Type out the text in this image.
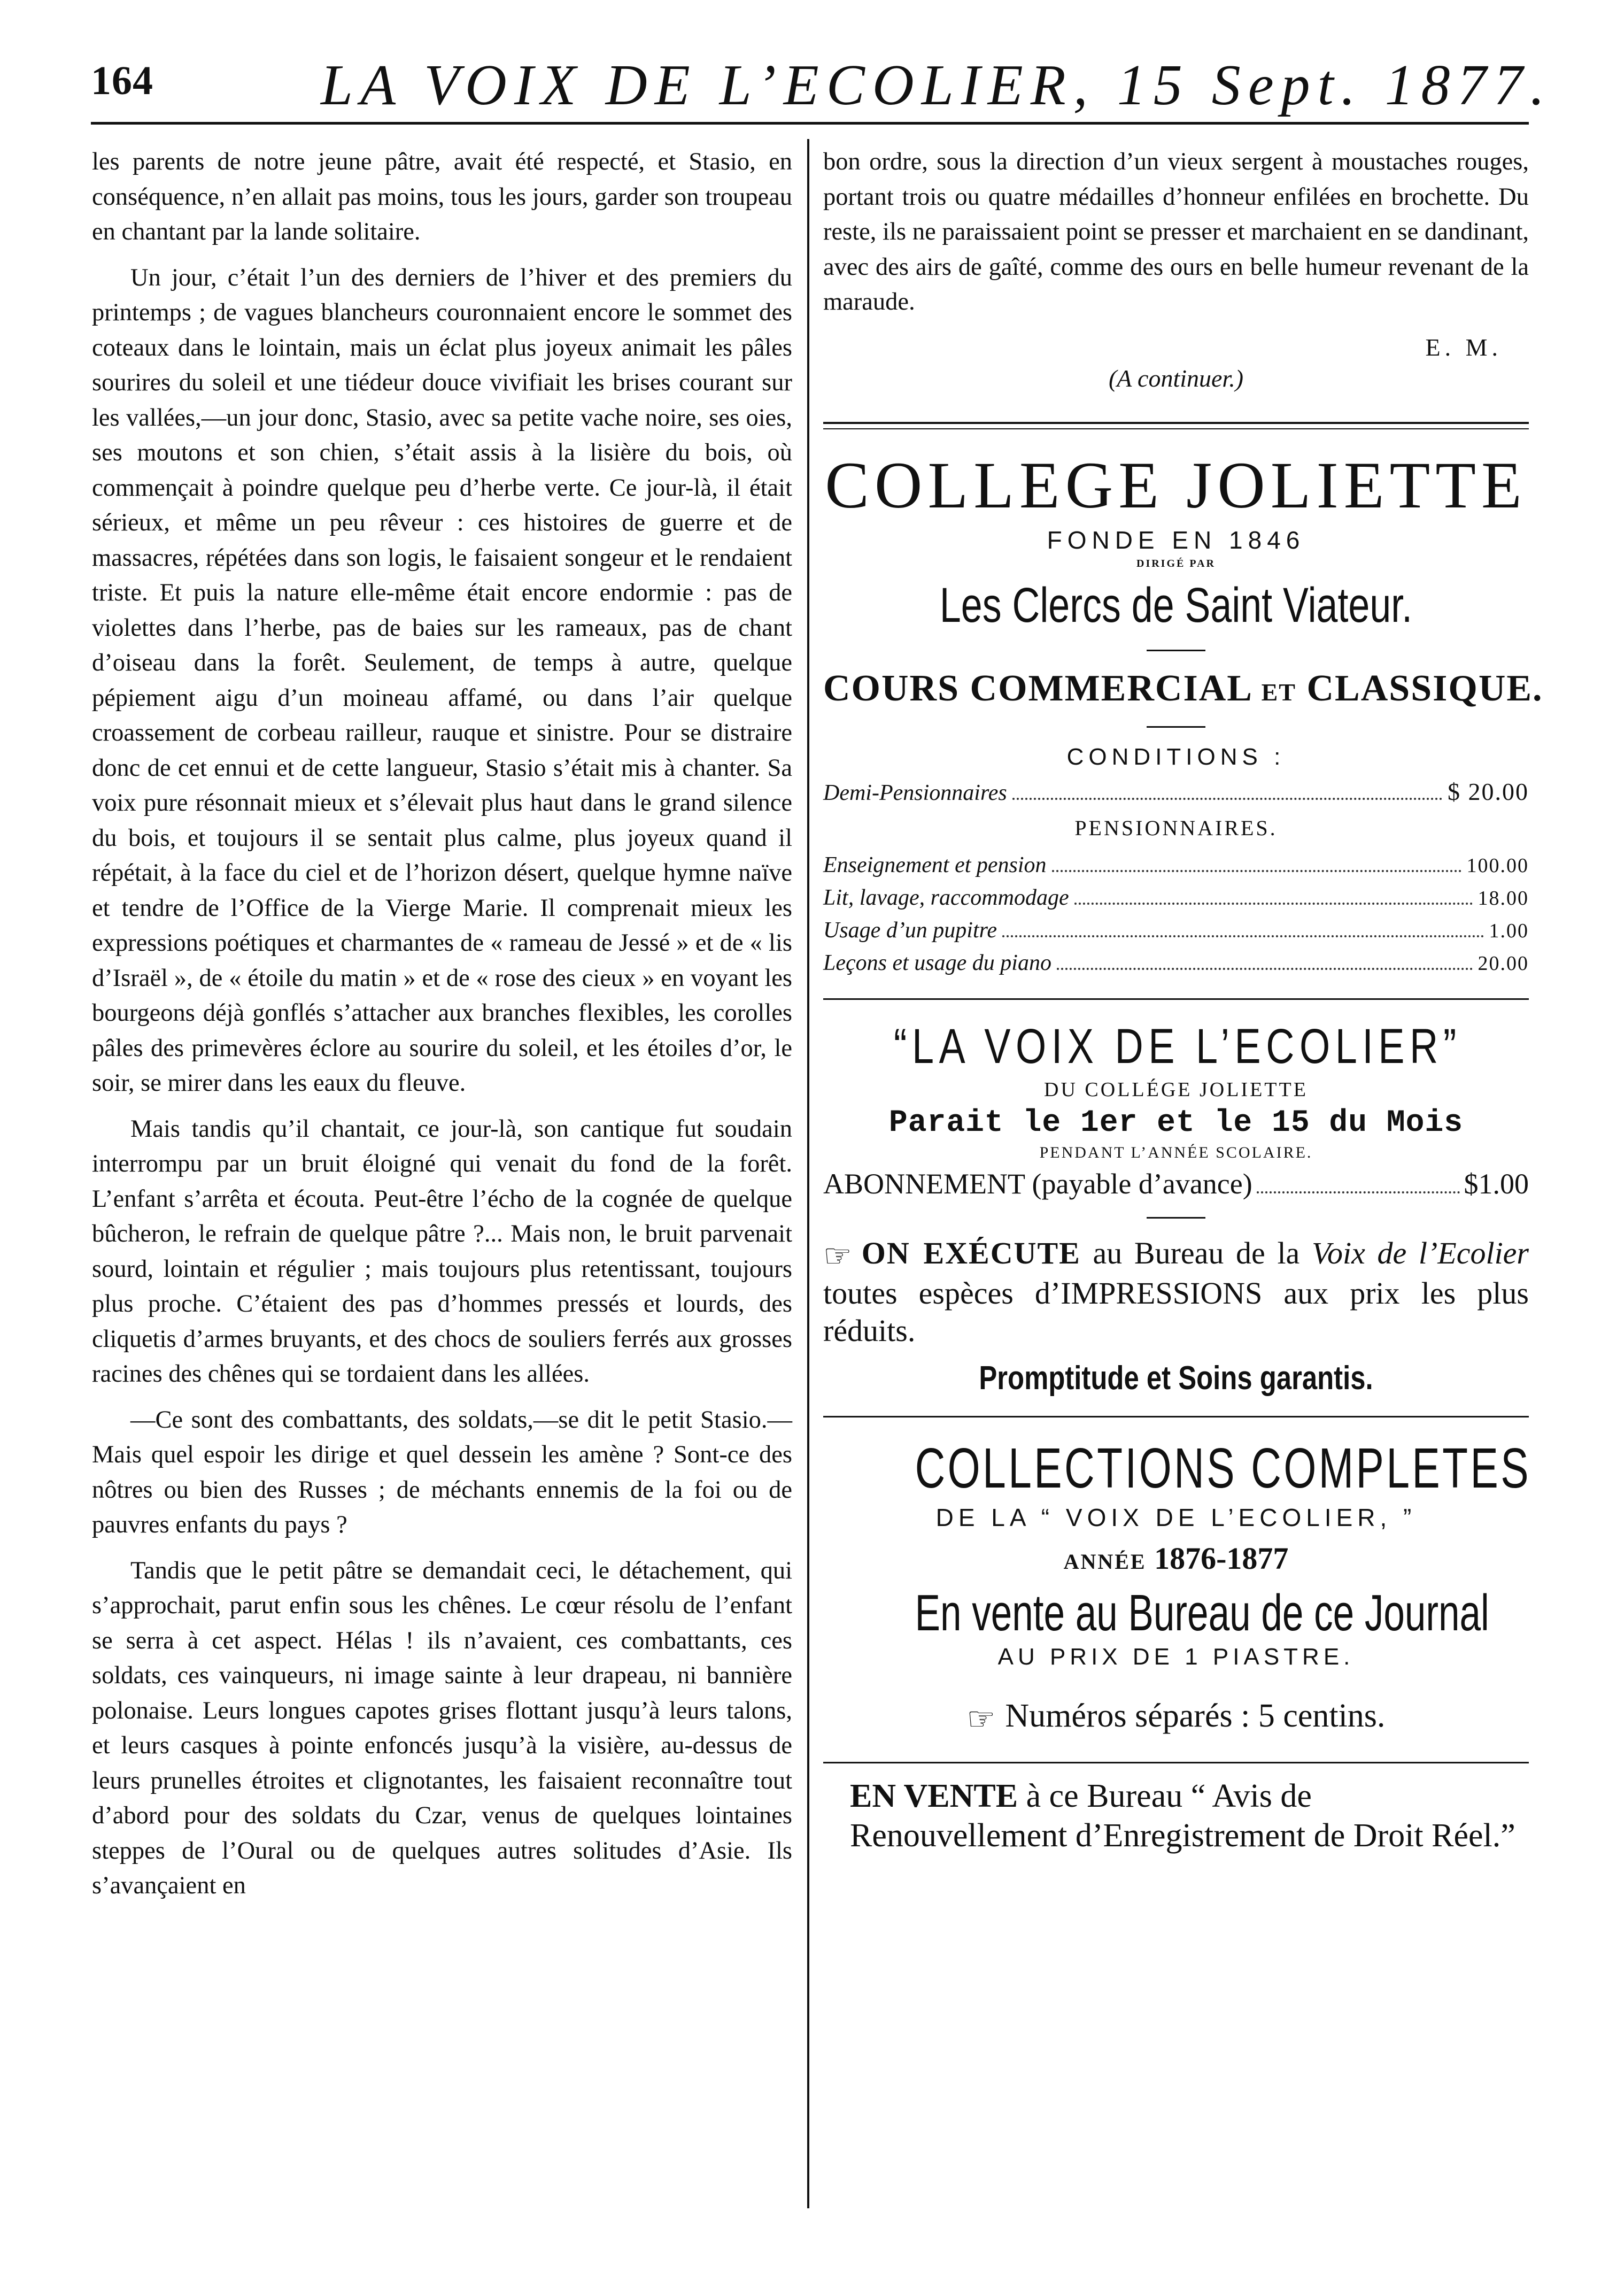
164	LA VOIX DE L’ECOLIER, 15 Sept. 1877.

les parents de notre jeune pâtre, avait été respecté, et Stasio, en conséquence, n’en allait pas moins, tous les jours, garder son troupeau en chantant par la lande solitaire.

Un jour, c’était l’un des derniers de l’hiver et des premiers du printemps ; de vagues blancheurs couronnaient encore le sommet des coteaux dans le lointain, mais un éclat plus joyeux animait les pâles sourires du soleil et une tiédeur douce vivifiait les brises courant sur les vallées,—un jour donc, Stasio, avec sa petite vache noire, ses oies, ses moutons et son chien, s’était assis à la lisière du bois, où commençait à poindre quelque peu d’herbe verte. Ce jour-là, il était sérieux, et même un peu rêveur : ces histoires de guerre et de massacres, répétées dans son logis, le faisaient songeur et le rendaient triste. Et puis la nature elle-même était encore endormie : pas de violettes dans l’herbe, pas de baies sur les rameaux, pas de chant d’oiseau dans la forêt. Seulement, de temps à autre, quelque pépiement aigu d’un moineau affamé, ou dans l’air quelque croassement de corbeau railleur, rauque et sinistre. Pour se distraire donc de cet ennui et de cette langueur, Stasio s’était mis à chanter. Sa voix pure résonnait mieux et s’élevait plus haut dans le grand silence du bois, et toujours il se sentait plus calme, plus joyeux quand il répétait, à la face du ciel et de l’horizon désert, quelque hymne naïve et tendre de l’Office de la Vierge Marie. Il comprenait mieux les expressions poétiques et charmantes de « rameau de Jessé » et de « lis d’Israël », de « étoile du matin » et de « rose des cieux » en voyant les bourgeons déjà gonflés s’attacher aux branches flexibles, les corolles pâles des primevères éclore au sourire du soleil, et les étoiles d’or, le soir, se mirer dans les eaux du fleuve.

Mais tandis qu’il chantait, ce jour-là, son cantique fut soudain interrompu par un bruit éloigné qui venait du fond de la forêt. L’enfant s’arrêta et écouta. Peut-être l’écho de la cognée de quelque bûcheron, le refrain de quelque pâtre ?... Mais non, le bruit parvenait sourd, lointain et régulier ; mais toujours plus retentissant, toujours plus proche. C’étaient des pas d’hommes pressés et lourds, des cliquetis d’armes bruyants, et des chocs de souliers ferrés aux grosses racines des chênes qui se tordaient dans les allées.

—Ce sont des combattants, des soldats,—se dit le petit Stasio.—Mais quel espoir les dirige et quel dessein les amène ? Sont-ce des nôtres ou bien des Russes ; de méchants ennemis de la foi ou de pauvres enfants du pays ?

Tandis que le petit pâtre se demandait ceci, le détachement, qui s’approchait, parut enfin sous les chênes. Le cœur résolu de l’enfant se serra à cet aspect. Hélas ! ils n’avaient, ces combattants, ces soldats, ces vainqueurs, ni image sainte à leur drapeau, ni bannière polonaise. Leurs longues capotes grises flottant jusqu’à leurs talons, et leurs casques à pointe enfoncés jusqu’à la visière, au-dessus de leurs prunelles étroites et clignotantes, les faisaient reconnaître tout d’abord pour des soldats du Czar, venus de quelques lointaines steppes de l’Oural ou de quelques autres solitudes d’Asie. Ils s’avançaient en

bon ordre, sous la direction d’un vieux sergent à moustaches rouges, portant trois ou quatre médailles d’honneur enfilées en brochette. Du reste, ils ne paraissaient point se presser et marchaient en se dandinant, avec des airs de gaîté, comme des ours en belle humeur revenant de la maraude.

E. M.
(A continuer.)
COLLEGE JOLIETTE
FONDE EN 1846
DIRIGÉ PAR
Les Clercs de Saint Viateur.
COURS COMMERCIAL ET CLASSIQUE.
CONDITIONS :
Demi-Pensionnaires	$ 20.00
PENSIONNAIRES.
Enseignement et pension	100.00
Lit, lavage, raccommodage	18.00
Usage d’un pupitre	1.00
Leçons et usage du piano	20.00
“LA VOIX DE L’ECOLIER”
DU COLLÉGE JOLIETTE
Parait le 1er et le 15 du Mois
PENDANT L’ANNÉE SCOLAIRE.
ABONNEMENT (payable d’avance)	$1.00
☞ ON EXÉCUTE au Bureau de la Voix de l’Ecolier toutes espèces d’IMPRESSIONS aux prix les plus réduits.
Promptitude et Soins garantis.
COLLECTIONS COMPLETES
DE LA “ VOIX DE L’ECOLIER, ”
ANNÉE 1876-1877
En vente au Bureau de ce Journal
AU PRIX DE 1 PIASTRE.
☞ Numéros séparés : 5 centins.
EN VENTE à ce Bureau “ Avis de Renouvellement d’Enregistrement de Droit Réel.”
